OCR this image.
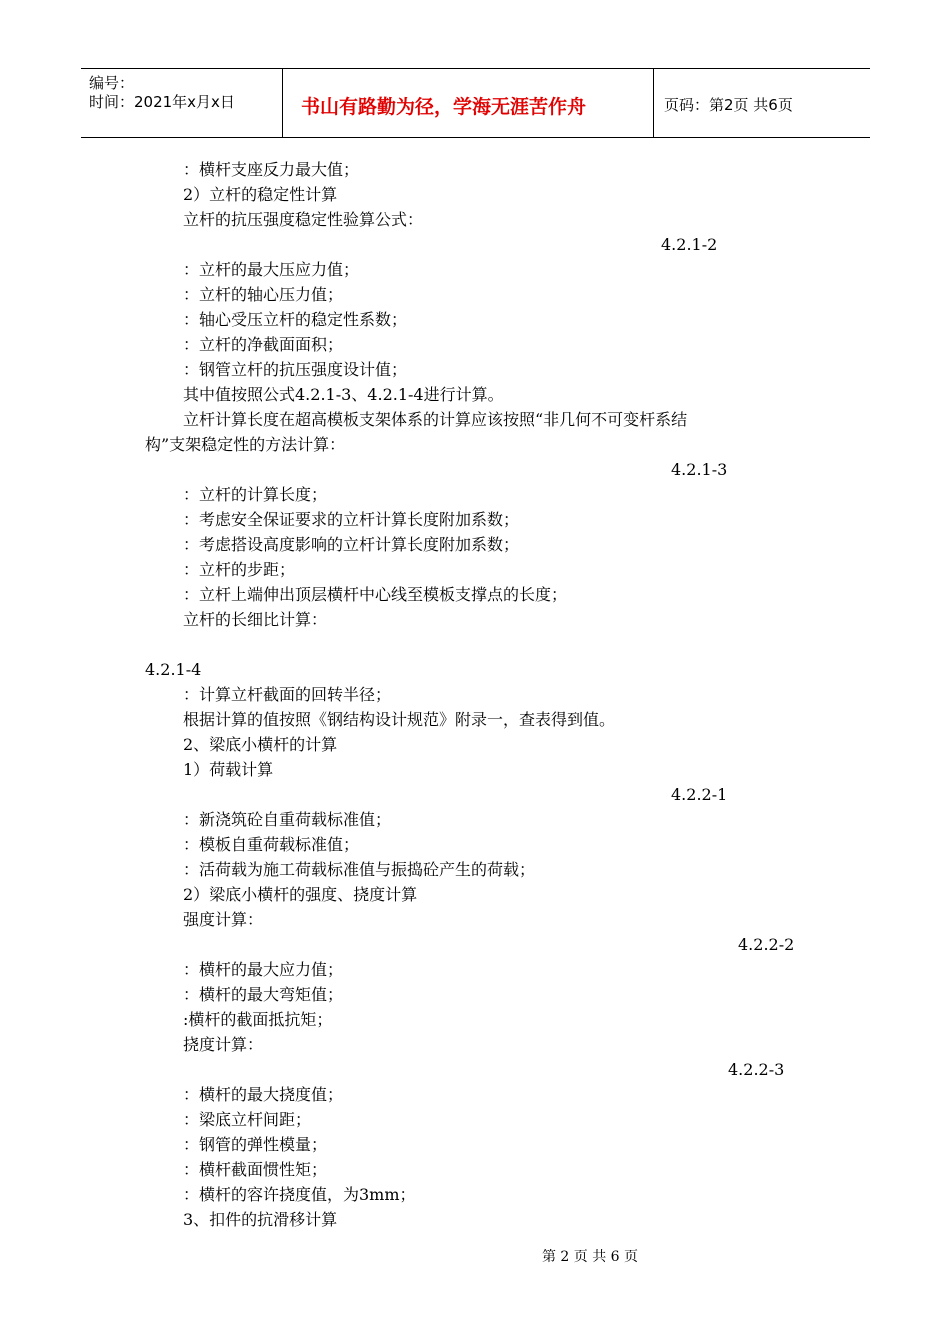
编号：
时间：2021年x月x日	书山有路勤为径，学海无涯苦作舟	页码：第2页 共6页
：横杆支座反力最大值；
2）立杆的稳定性计算
立杆的抗压强度稳定性验算公式：
4.2.1-2
：立杆的最大压应力值；
：立杆的轴心压力值；
：轴心受压立杆的稳定性系数；
：立杆的净截面面积；
：钢管立杆的抗压强度设计值；
其中值按照公式4.2.1-3、4.2.1-4进行计算。
立杆计算长度在超高模板支架体系的计算应该按照“非几何不可变杆系结
构”支架稳定性的方法计算：
4.2.1-3
：立杆的计算长度；
：考虑安全保证要求的立杆计算长度附加系数；
：考虑搭设高度影响的立杆计算长度附加系数；
：立杆的步距；
：立杆上端伸出顶层横杆中心线至模板支撑点的长度；
立杆的长细比计算：
4.2.1-4
：计算立杆截面的回转半径；
根据计算的值按照《钢结构设计规范》附录一，查表得到值。
2、梁底小横杆的计算
1）荷载计算
4.2.2-1
：新浇筑砼自重荷载标准值；
：模板自重荷载标准值；
：活荷载为施工荷载标准值与振捣砼产生的荷载；
2）梁底小横杆的强度、挠度计算
强度计算：
4.2.2-2
：横杆的最大应力值；
：横杆的最大弯矩值；
:横杆的截面抵抗矩；
挠度计算：
4.2.2-3
：横杆的最大挠度值；
：梁底立杆间距；
：钢管的弹性模量；
：横杆截面惯性矩；
：横杆的容许挠度值，为3mm；
3、扣件的抗滑移计算
第 2 页 共 6 页
